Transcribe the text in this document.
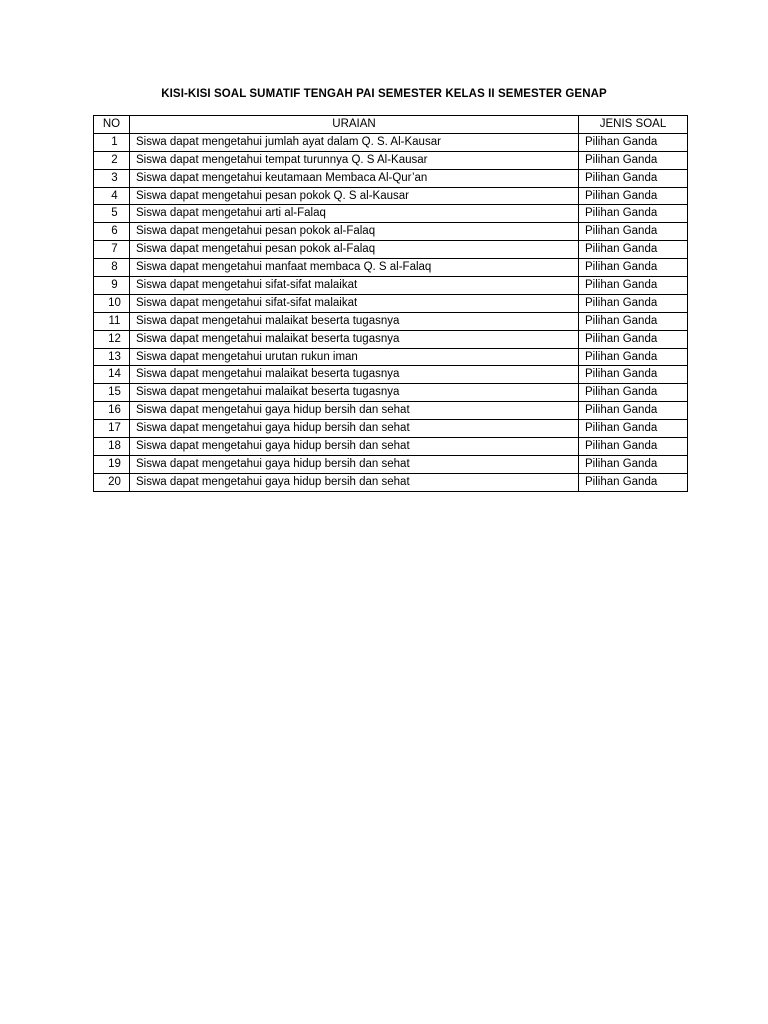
KISI-KISI SOAL SUMATIF TENGAH PAI SEMESTER KELAS II SEMESTER GENAP
NO	URAIAN	JENIS SOAL
1	Siswa dapat mengetahui jumlah ayat dalam Q. S. Al-Kausar	Pilihan Ganda
2	Siswa dapat mengetahui tempat turunnya Q. S Al-Kausar	Pilihan Ganda
3	Siswa dapat mengetahui keutamaan Membaca Al-Qur’an	Pilihan Ganda
4	Siswa dapat mengetahui pesan pokok Q. S al-Kausar	Pilihan Ganda
5	Siswa dapat mengetahui arti al-Falaq	Pilihan Ganda
6	Siswa dapat mengetahui pesan pokok al-Falaq	Pilihan Ganda
7	Siswa dapat mengetahui pesan pokok al-Falaq	Pilihan Ganda
8	Siswa dapat mengetahui manfaat membaca Q. S al-Falaq	Pilihan Ganda
9	Siswa dapat mengetahui sifat-sifat malaikat	Pilihan Ganda
10	Siswa dapat mengetahui sifat-sifat malaikat	Pilihan Ganda
11	Siswa dapat mengetahui malaikat beserta tugasnya	Pilihan Ganda
12	Siswa dapat mengetahui malaikat beserta tugasnya	Pilihan Ganda
13	Siswa dapat mengetahui urutan rukun iman	Pilihan Ganda
14	Siswa dapat mengetahui malaikat beserta tugasnya	Pilihan Ganda
15	Siswa dapat mengetahui malaikat beserta tugasnya	Pilihan Ganda
16	Siswa dapat mengetahui gaya hidup bersih dan sehat	Pilihan Ganda
17	Siswa dapat mengetahui gaya hidup bersih dan sehat	Pilihan Ganda
18	Siswa dapat mengetahui gaya hidup bersih dan sehat	Pilihan Ganda
19	Siswa dapat mengetahui gaya hidup bersih dan sehat	Pilihan Ganda
20	Siswa dapat mengetahui gaya hidup bersih dan sehat	Pilihan Ganda
